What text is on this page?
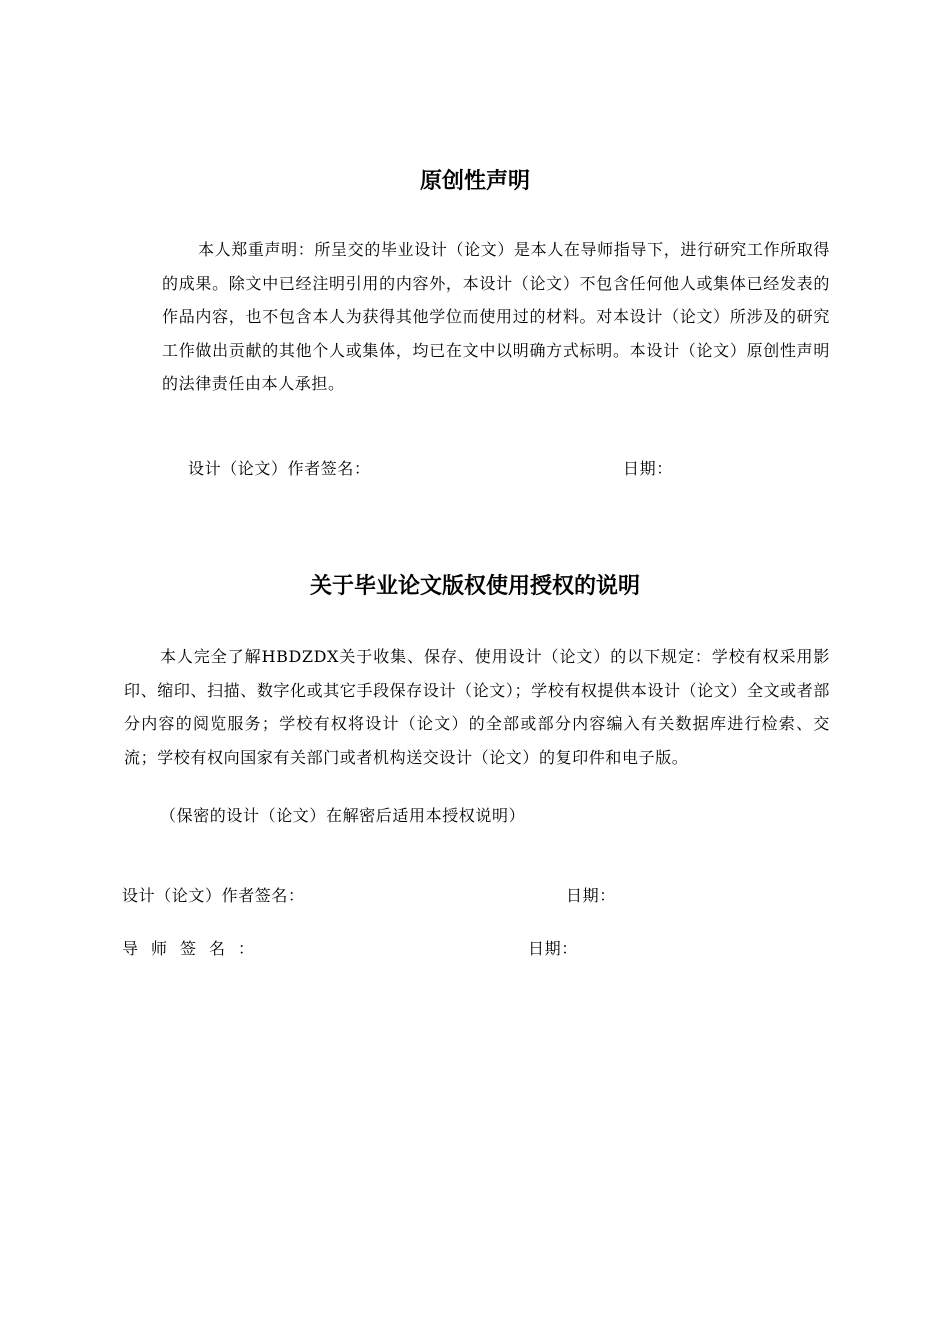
原创性声明

本人郑重声明：所呈交的毕业设计（论文）是本人在导师指导下，进行研究工作所取得的成果。除文中已经注明引用的内容外，本设计（论文）不包含任何他人或集体已经发表的作品内容，也不包含本人为获得其他学位而使用过的材料。对本设计（论文）所涉及的研究工作做出贡献的其他个人或集体，均已在文中以明确方式标明。本设计（论文）原创性声明的法律责任由本人承担。

设计（论文）作者签名：	日期：
关于毕业论文版权使用授权的说明

本人完全了解HBDZDX关于收集、保存、使用设计（论文）的以下规定：学校有权采用影印、缩印、扫描、数字化或其它手段保存设计（论文）；学校有权提供本设计（论文）全文或者部分内容的阅览服务；学校有权将设计（论文）的全部或部分内容编入有关数据库进行检索、交流；学校有权向国家有关部门或者机构送交设计（论文）的复印件和电子版。

（保密的设计（论文）在解密后适用本授权说明）

设计（论文）作者签名：	日期：
导师签名：	日期：
